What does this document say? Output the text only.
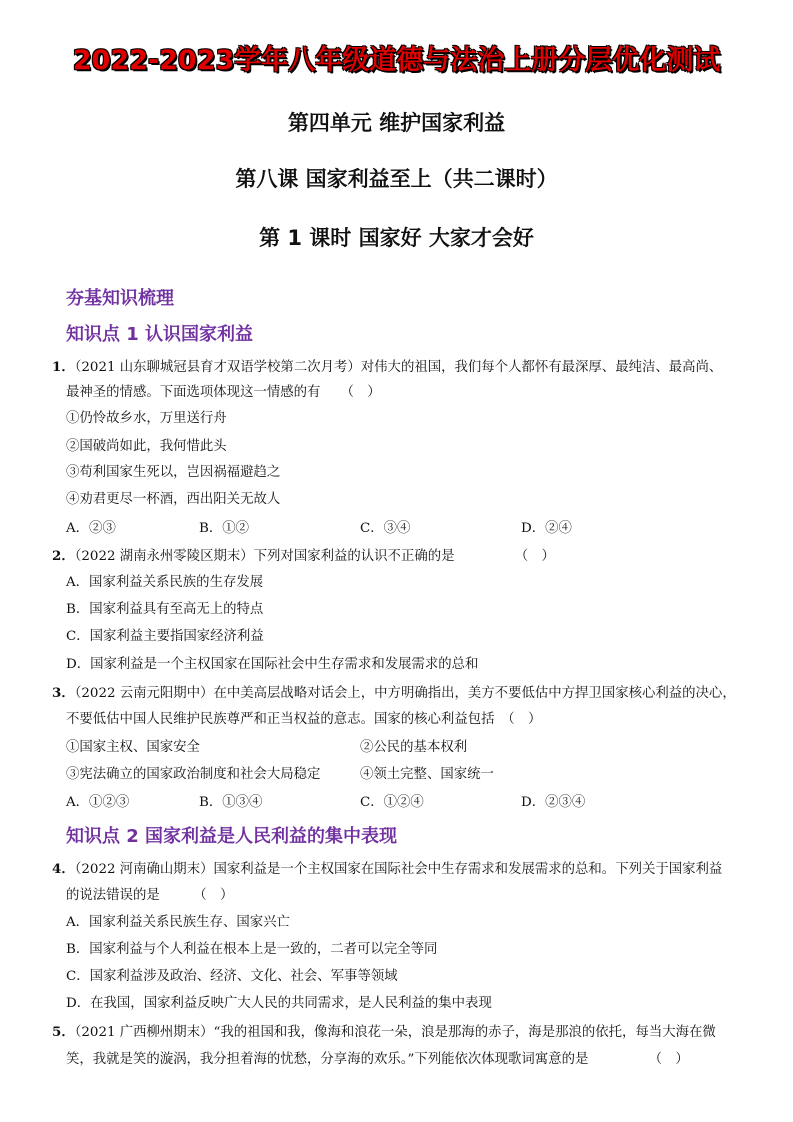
2022-2023学年八年级道德与法治上册分层优化测试
第四单元 维护国家利益
第八课 国家利益至上（共二课时）
第 1 课时 国家好 大家才会好
夯基知识梳理
知识点 1 认识国家利益
1．（2021 山东聊城冠县育才双语学校第二次月考）对伟大的祖国，我们每个人都怀有最深厚、最纯洁、最高尚、
最神圣的情感。下面选项体现这一情感的有　　（　）
①仍怜故乡水，万里送行舟
②国破尚如此，我何惜此头
③苟利国家生死以，岂因祸福避趋之
④劝君更尽一杯酒，西出阳关无故人
A．②③	B．①②	C．③④	D．②④
2．（2022 湖南永州零陵区期末）下列对国家利益的认识不正确的是　　　　　（　）
A．国家利益关系民族的生存发展
B．国家利益具有至高无上的特点
C．国家利益主要指国家经济利益
D．国家利益是一个主权国家在国际社会中生存需求和发展需求的总和
3．（2022 云南元阳期中）在中美高层战略对话会上，中方明确指出，美方不要低估中方捍卫国家核心利益的决心，
不要低估中国人民维护民族尊严和正当权益的意志。国家的核心利益包括　（　）
①国家主权、国家安全	②公民的基本权利
③宪法确立的国家政治制度和社会大局稳定	④领土完整、国家统一
A．①②③	B．①③④	C．①②④	D．②③④
知识点 2 国家利益是人民利益的集中表现
4．（2022 河南确山期末）国家利益是一个主权国家在国际社会中生存需求和发展需求的总和。下列关于国家利益
的说法错误的是　　　（　）
A．国家利益关系民族生存、国家兴亡
B．国家利益与个人利益在根本上是一致的，二者可以完全等同
C．国家利益涉及政治、经济、文化、社会、军事等领域
D．在我国，国家利益反映广大人民的共同需求，是人民利益的集中表现
5．（2021 广西柳州期末）“我的祖国和我，像海和浪花一朵，浪是那海的赤子，海是那浪的依托，每当大海在微
笑，我就是笑的漩涡，我分担着海的忧愁，分享海的欢乐。”下列能依次体现歌词寓意的是　　　　　（　）
